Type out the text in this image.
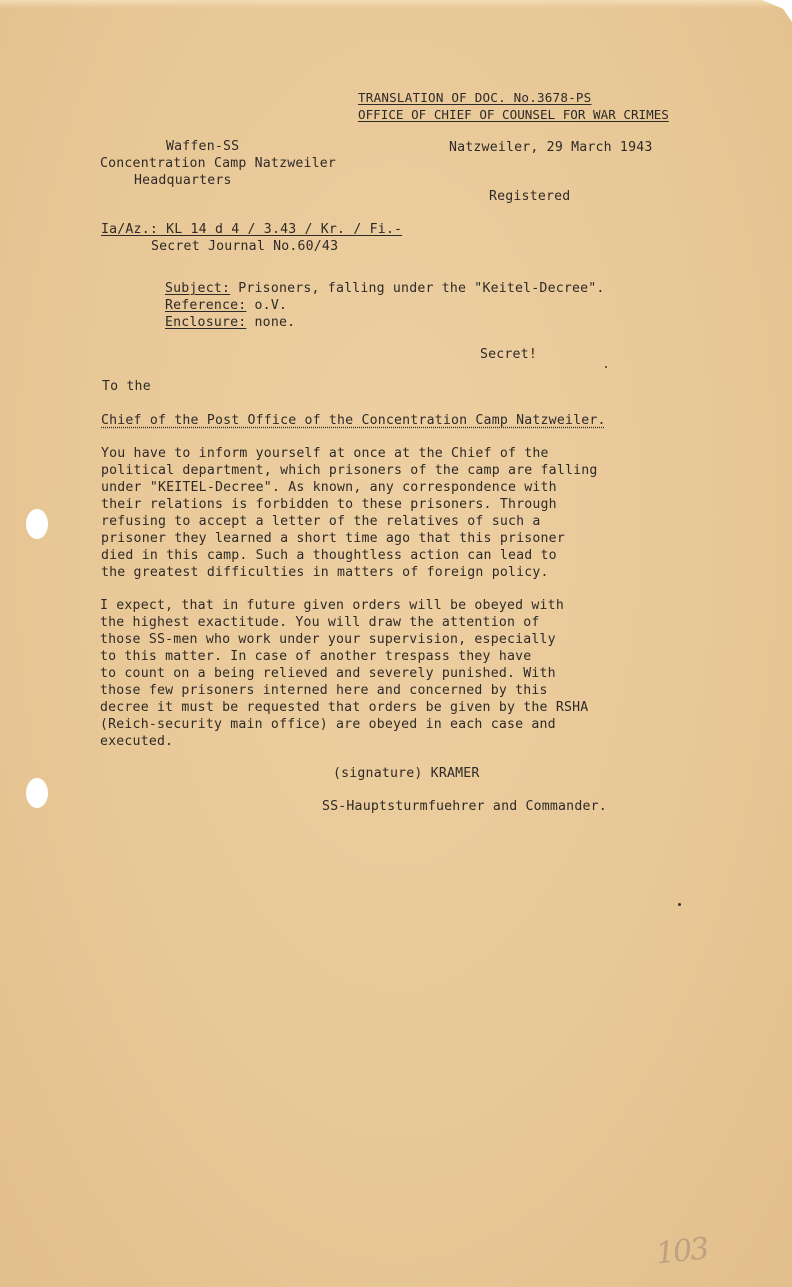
TRANSLATION OF DOC. No.3678-PS
OFFICE OF CHIEF OF COUNSEL FOR WAR CRIMES
Waffen-SS
Concentration Camp Natzweiler
Headquarters
Natzweiler, 29 March 1943
Registered
Ia/Az.: KL 14 d 4 / 3.43 / Kr. / Fi.-
Secret Journal No.60/43
Subject: Prisoners, falling under the "Keitel-Decree".
Reference: o.V.
Enclosure: none.
Secret!
To the
Chief of the Post Office of the Concentration Camp Natzweiler.
You have to inform yourself at once at the Chief of the
political department, which prisoners of the camp are falling
under "KEITEL-Decree". As known, any correspondence with
their relations is forbidden to these prisoners. Through
refusing to accept a letter of the relatives of such a
prisoner they learned a short time ago that this prisoner
died in this camp. Such a thoughtless action can lead to
the greatest difficulties in matters of foreign policy.
I expect, that in future given orders will be obeyed with
the highest exactitude. You will draw the attention of
those SS-men who work under your supervision, especially
to this matter. In case of another trespass they have
to count on a being relieved and severely punished. With
those few prisoners interned here and concerned by this
decree it must be requested that orders be given by the RSHA
(Reich-security main office) are obeyed in each case and
executed.
(signature) KRAMER
SS-Hauptsturmfuehrer and Commander.
103
